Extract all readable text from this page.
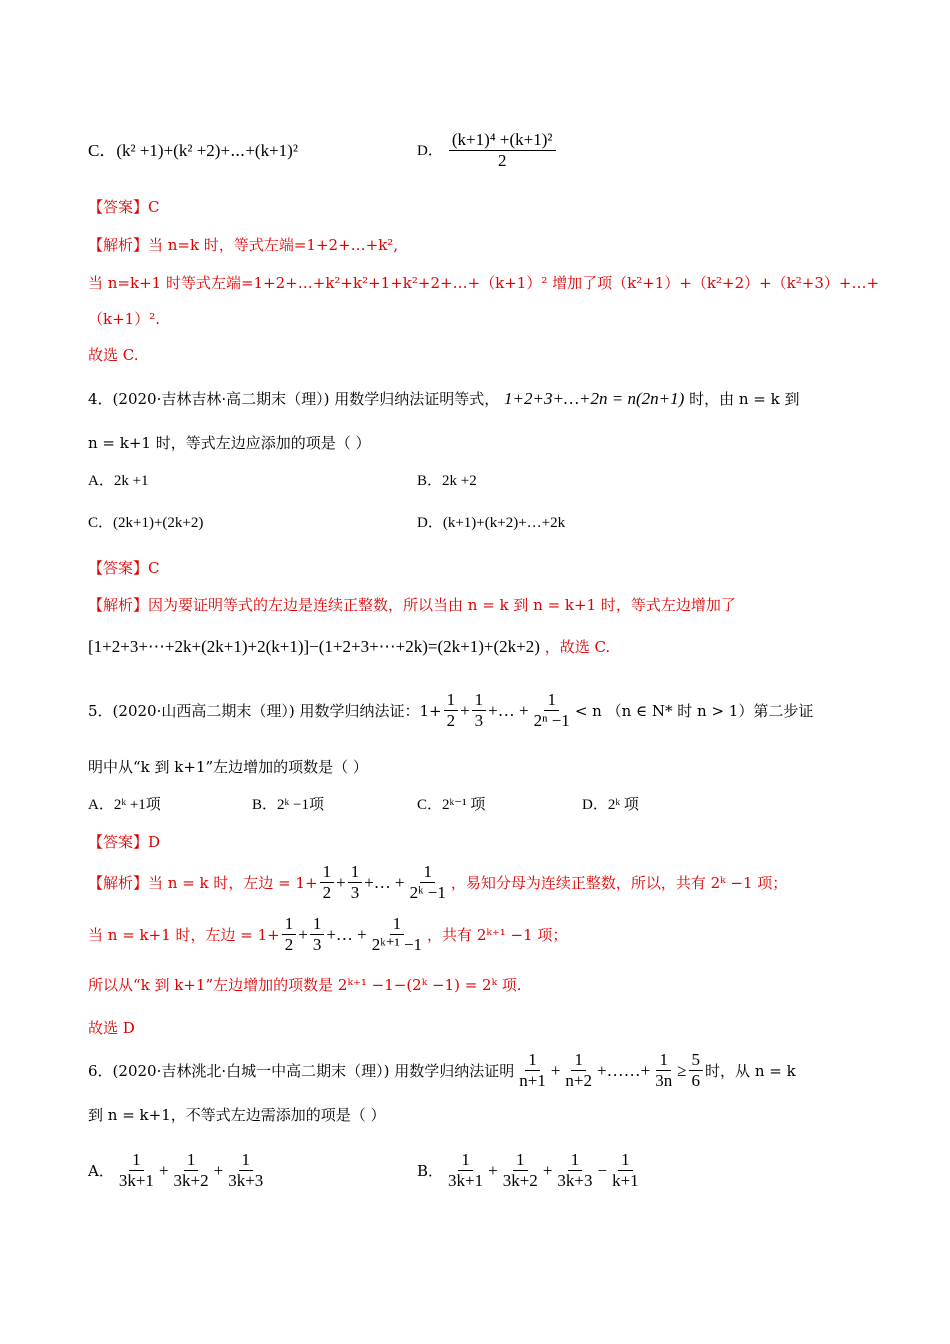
C．(k² +1)+(k² +2)+⋯+(k+1)²	D． $\frac{\text{(k+1)⁴ +(k+1)²}}{2}$
【答案】C
【解析】当 n=k 时，等式左端=1+2+…+k²,
当 n=k+1 时等式左端=1+2+…+k²+k²+1+k²+2+…+（k+1）² 增加了项（k²+1）+（k²+2）+（k²+3）+…+
（k+1）².
故选 C.
4．(2020·吉林吉林·高二期末（理）) 用数学归纳法证明等式， 1+2+3+…+2n = n(2n+1) 时，由 n = k 到
n = k+1 时，等式左边应添加的项是（ ）
A．2k +1	B．2k +2
C．(2k+1)+(2k+2)	D．(k+1)+(k+2)+…+2k
【答案】C
【解析】因为要证明等式的左边是连续正整数，所以当由 n = k 到 n = k+1 时，等式左边增加了
[1+2+3+⋯+2k+(2k+1)+2(k+1)]−(1+2+3+⋯+2k)=(2k+1)+(2k+2) ，故选 C.
5．(2020·山西高二期末（理）) 用数学归纳法证：$1+ \frac{1}{2} + \frac{1}{3}$ +… + $\frac{1}{\text{2ⁿ −1}} < n$ （n ∈ N* 时 n > 1）第二步证
明中从“k 到 k+1”左边增加的项数是（ ）
A．2ᵏ +1项	B．2ᵏ −1项	C．2ᵏ⁻¹ 项	D．2ᵏ 项
【答案】D
【解析】当 n = k 时，左边 = $1+ \frac{1}{2} + \frac{1}{3}$ +… + $\frac{1}{\text{2ᵏ −1}}$ ，易知分母为连续正整数，所以，共有 2ᵏ −1 项；
当 n = k+1 时，左边 = $1+ \frac{1}{2} + \frac{1}{3}$ +… + $\frac{1}{\text{2ᵏ⁺¹ −1}}$ ，共有 2ᵏ⁺¹ −1 项；
所以从“k 到 k+1”左边增加的项数是 2ᵏ⁺¹ −1−(2ᵏ −1) = 2ᵏ 项.
故选 D
6．(2020·吉林洮北·白城一中高二期末（理）) 用数学归纳法证明 $\frac{1}{n+1} + \frac{1}{n+2}$ +……+ $\frac{1}{3n} \ge \frac{5}{6}$ 时，从 n = k
到 n = k+1，不等式左边需添加的项是（ ）
A． $\frac{1}{3k+1} + \frac{1}{3k+2} + \frac{1}{3k+3}$	B． $\frac{1}{3k+1} + \frac{1}{3k+2} + \frac{1}{3k+3} - \frac{1}{k+1}$
